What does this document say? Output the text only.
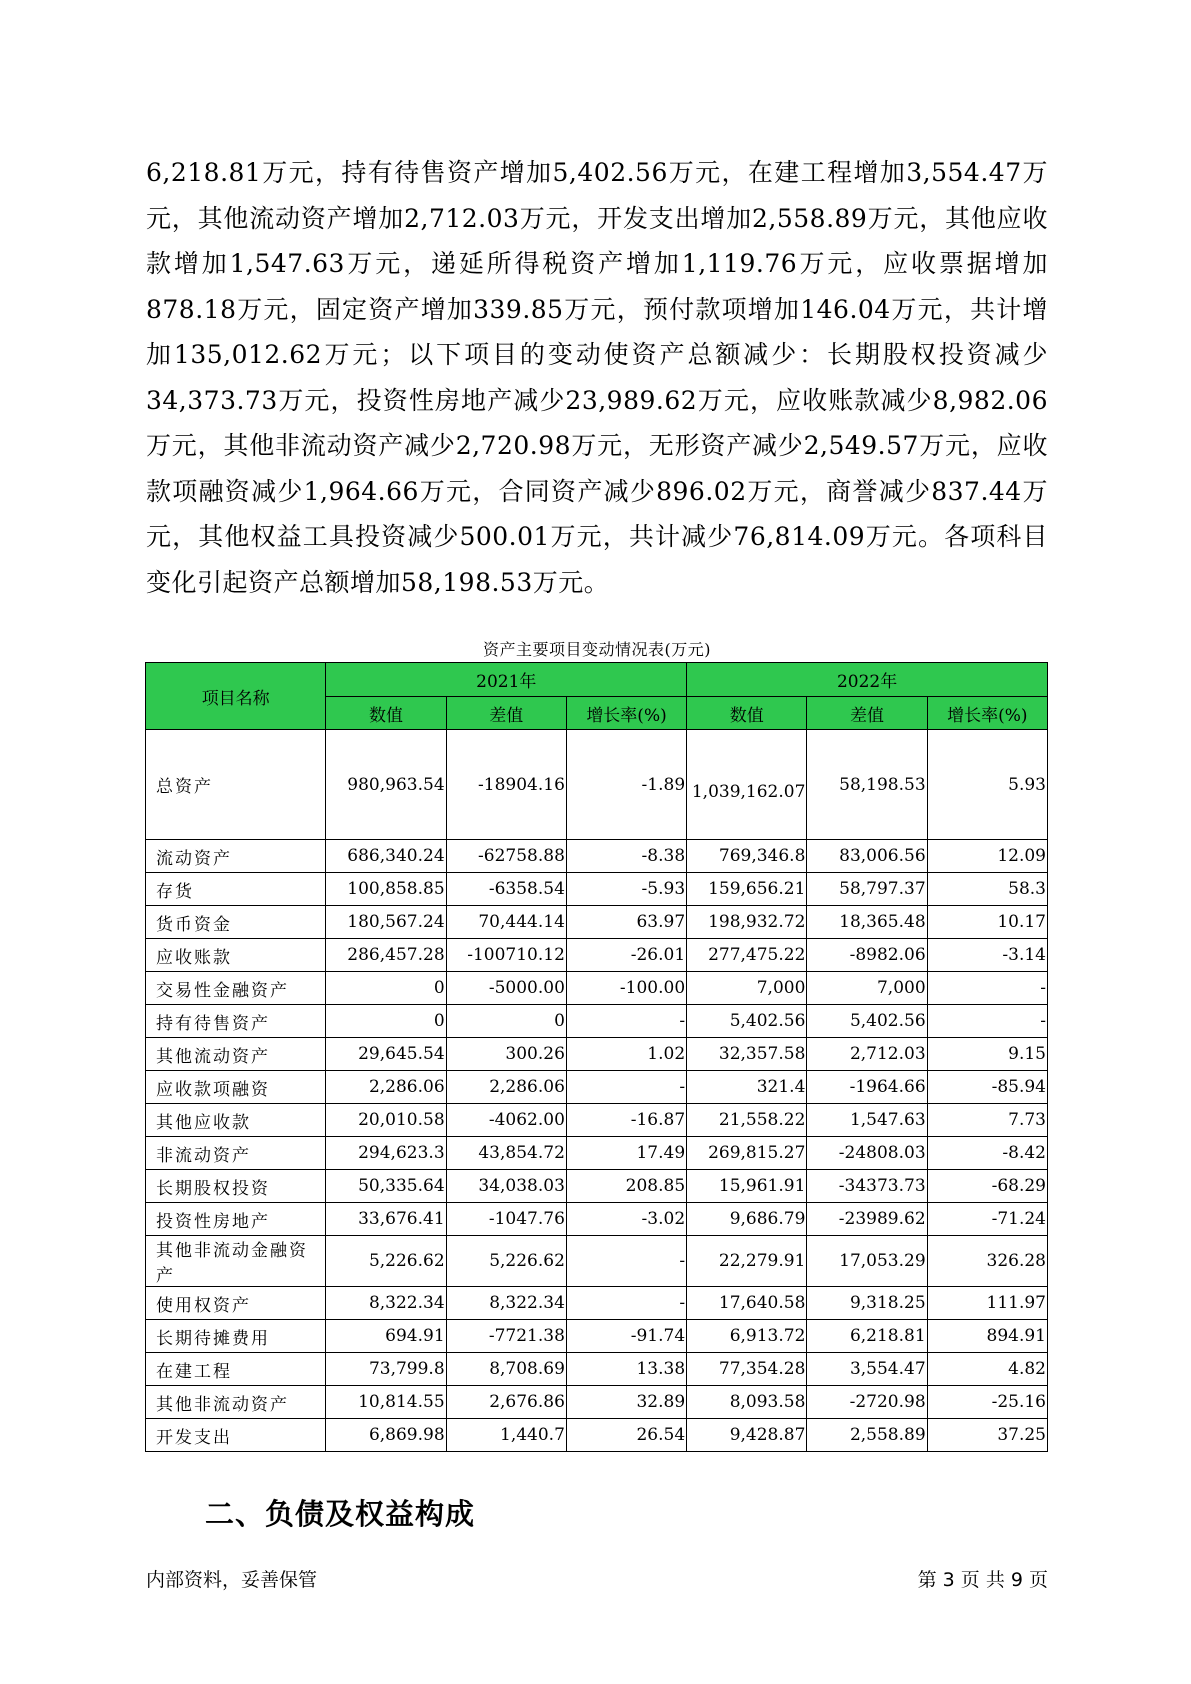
6,218.81万元，持有待售资产增加5,402.56万元，在建工程增加3,554.47万元，其他流动资产增加2,712.03万元，开发支出增加2,558.89万元，其他应收款增加1,547.63万元，递延所得税资产增加1,119.76万元，应收票据增加878.18万元，固定资产增加339.85万元，预付款项增加146.04万元，共计增加135,012.62万元；以下项目的变动使资产总额减少：长期股权投资减少34,373.73万元，投资性房地产减少23,989.62万元，应收账款减少8,982.06万元，其他非流动资产减少2,720.98万元，无形资产减少2,549.57万元，应收款项融资减少1,964.66万元，合同资产减少896.02万元，商誉减少837.44万元，其他权益工具投资减少500.01万元，共计减少76,814.09万元。各项科目变化引起资产总额增加58,198.53万元。
资产主要项目变动情况表(万元)
项目名称	2021年			2022年		
	数值	差值	增长率(%)	数值	差值	增长率(%)
总资产	980,963.54	-18904.16	-1.89	1,039,162.07	58,198.53	5.93
流动资产	686,340.24	-62758.88	-8.38	769,346.8	83,006.56	12.09
存货	100,858.85	-6358.54	-5.93	159,656.21	58,797.37	58.3
货币资金	180,567.24	70,444.14	63.97	198,932.72	18,365.48	10.17
应收账款	286,457.28	-100710.12	-26.01	277,475.22	-8982.06	-3.14
交易性金融资产	0	-5000.00	-100.00	7,000	7,000	-
持有待售资产	0	0	-	5,402.56	5,402.56	-
其他流动资产	29,645.54	300.26	1.02	32,357.58	2,712.03	9.15
应收款项融资	2,286.06	2,286.06	-	321.4	-1964.66	-85.94
其他应收款	20,010.58	-4062.00	-16.87	21,558.22	1,547.63	7.73
非流动资产	294,623.3	43,854.72	17.49	269,815.27	-24808.03	-8.42
长期股权投资	50,335.64	34,038.03	208.85	15,961.91	-34373.73	-68.29
投资性房地产	33,676.41	-1047.76	-3.02	9,686.79	-23989.62	-71.24
其他非流动金融资产	5,226.62	5,226.62	-	22,279.91	17,053.29	326.28
使用权资产	8,322.34	8,322.34	-	17,640.58	9,318.25	111.97
长期待摊费用	694.91	-7721.38	-91.74	6,913.72	6,218.81	894.91
在建工程	73,799.8	8,708.69	13.38	77,354.28	3,554.47	4.82
其他非流动资产	10,814.55	2,676.86	32.89	8,093.58	-2720.98	-25.16
开发支出	6,869.98	1,440.7	26.54	9,428.87	2,558.89	37.25
二、负债及权益构成
内部资料，妥善保管	第 3 页 共 9 页
